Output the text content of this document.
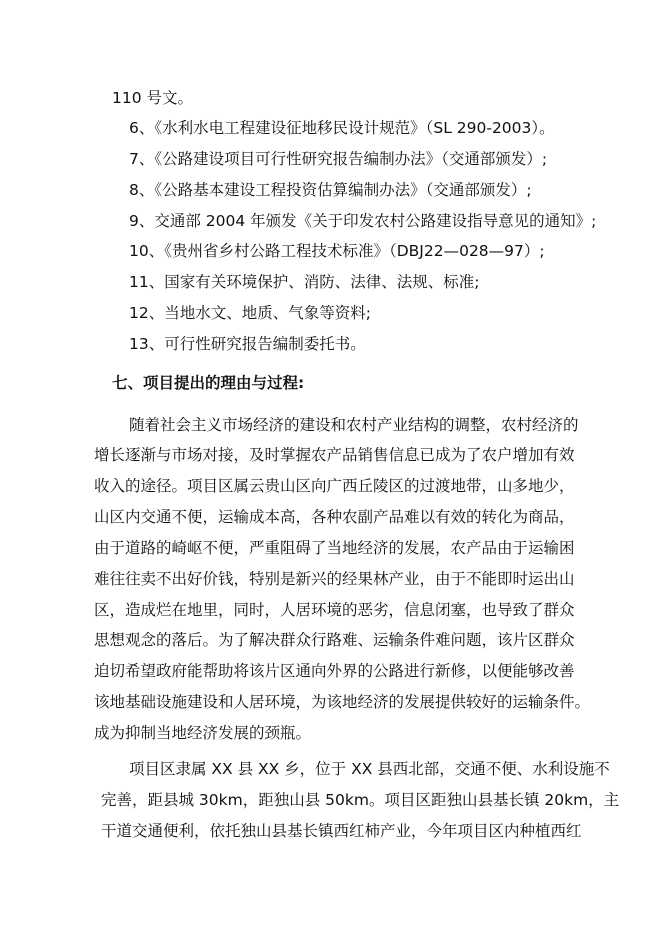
110 号文。
6、《水利水电工程建设征地移民设计规范》（SL 290-2003）。
7、《公路建设项目可行性研究报告编制办法》（交通部颁发）;
8、《公路基本建设工程投资估算编制办法》（交通部颁发）;
9、交通部 2004 年颁发《关于印发农村公路建设指导意见的通知》;
10、《贵州省乡村公路工程技术标准》（DBJ22—028—97）;
11、国家有关环境保护、消防、法律、法规、标准;
12、当地水文、地质、气象等资料;
13、可行性研究报告编制委托书。
七、项目提出的理由与过程:
随着社会主义市场经济的建设和农村产业结构的调整，农村经济的
增长逐渐与市场对接，及时掌握农产品销售信息已成为了农户增加有效
收入的途径。项目区属云贵山区向广西丘陵区的过渡地带，山多地少，
山区内交通不便，运输成本高，各种农副产品难以有效的转化为商品，
由于道路的崎岖不便，严重阻碍了当地经济的发展，农产品由于运输困
难往往卖不出好价钱，特别是新兴的经果林产业，由于不能即时运出山
区，造成烂在地里，同时，人居环境的恶劣，信息闭塞，也导致了群众
思想观念的落后。为了解决群众行路难、运输条件难问题，该片区群众
迫切希望政府能帮助将该片区通向外界的公路进行新修，以便能够改善
该地基础设施建设和人居环境，为该地经济的发展提供较好的运输条件。
成为抑制当地经济发展的颈瓶。
项目区隶属 XX 县 XX 乡，位于 XX 县西北部，交通不便、水利设施不
完善，距县城 30km，距独山县 50km。项目区距独山县基长镇 20km，主
干道交通便利，依托独山县基长镇西红柿产业，今年项目区内种植西红
